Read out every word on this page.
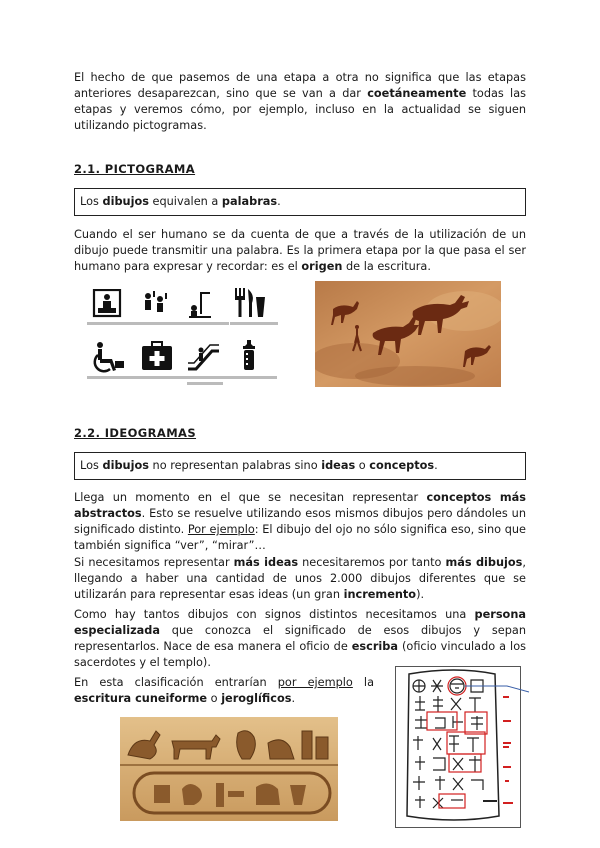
El hecho de que pasemos de una etapa a otra no significa que las etapas anteriores desaparezcan, sino que se van a dar coetáneamente todas las etapas y veremos cómo, por ejemplo, incluso en la actualidad se siguen utilizando pictogramas.

2.1. PICTOGRAMA
Los dibujos equivalen a palabras.

Cuando el ser humano se da cuenta de que a través de la utilización de un dibujo puede transmitir una palabra. Es la primera etapa por la que pasa el ser humano para expresar y recordar: es el origen de la escritura.

2.2. IDEOGRAMAS
Los dibujos no representan palabras sino ideas o conceptos.

Llega un momento en el que se necesitan representar conceptos más abstractos. Esto se resuelve utilizando esos mismos dibujos pero dándoles un significado distinto. Por ejemplo: El dibujo del ojo no sólo significa eso, sino que también significa “ver”, “mirar”…

Si necesitamos representar más ideas necesitaremos por tanto más dibujos, llegando a haber una cantidad de unos 2.000 dibujos diferentes que se utilizarán para representar esas ideas (un gran incremento).

Como hay tantos dibujos con signos distintos necesitamos una persona especializada que conozca el significado de esos dibujos y sepan representarlos. Nace de esa manera el oficio de escriba (oficio vinculado a los sacerdotes y el templo).

En esta clasificación entrarían por ejemplo la escritura cuneiforme o jeroglíficos.
